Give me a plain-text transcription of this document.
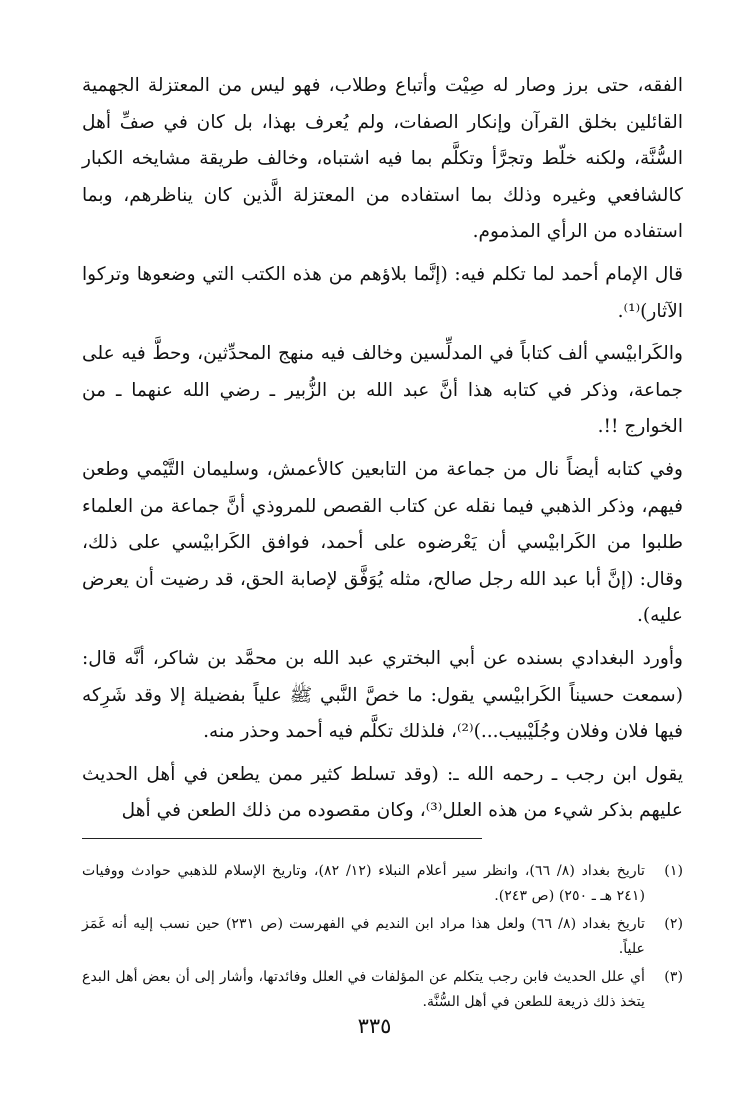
الفقه، حتى برز وصار له صِيْت وأتباع وطلاب، فهو ليس من المعتزلة الجهمية القائلين بخلق القرآن وإنكار الصفات، ولم يُعرف بهذا، بل كان في صفِّ أهل السُّنَّة، ولكنه خلّط وتجرَّأ وتكلَّم بما فيه اشتباه، وخالف طريقة مشايخه الكبار كالشافعي وغيره وذلك بما استفاده من المعتزلة الَّذين كان يناظرهم، وبما استفاده من الرأي المذموم.

قال الإمام أحمد لما تكلم فيه: (إنَّما بلاؤهم من هذه الكتب التي وضعوها وتركوا الآثار)⁽¹⁾.

والكَرابيْسي ألف كتاباً في المدلِّسين وخالف فيه منهج المحدِّثين، وحطَّ فيه على جماعة، وذكر في كتابه هذا أنَّ عبد الله بن الزُّبير ـ رضي الله عنهما ـ من الخوارج !!.

وفي كتابه أيضاً نال من جماعة من التابعين كالأعمش، وسليمان التَّيْمي وطعن فيهم، وذكر الذهبي فيما نقله عن كتاب القصص للمروذي أنَّ جماعة من العلماء طلبوا من الكَرابيْسي أن يَعْرضوه على أحمد، فوافق الكَرابيْسي على ذلك، وقال: (إنَّ أبا عبد الله رجل صالح، مثله يُوَفَّق لإصابة الحق، قد رضيت أن يعرض عليه).

وأورد البغدادي بسنده عن أبي البختري عبد الله بن محمَّد بن شاكر، أنَّه قال: (سمعت حسيناً الكَرابيْسي يقول: ما خصَّ النَّبي ﷺ علياً بفضيلة إلا وقد شَرِكه فيها فلان وفلان وجُلَيْبيب...)⁽²⁾، فلذلك تكلَّم فيه أحمد وحذر منه.

يقول ابن رجب ـ رحمه الله ـ: (وقد تسلط كثير ممن يطعن في أهل الحديث عليهم بذكر شيء من هذه العلل⁽³⁾، وكان مقصوده من ذلك الطعن في أهل

(١)
تاريخ بغداد (٨/ ٦٦)، وانظر سير أعلام النبلاء (١٢/ ٨٢)، وتاريخ الإسلام للذهبي حوادث ووفيات (٢٤١ هـ ـ ٢٥٠) (ص ٢٤٣).
(٢)
تاريخ بغداد (٨/ ٦٦) ولعل هذا مراد ابن النديم في الفهرست (ص ٢٣١) حين نسب إليه أنه غَمَز علياً.
(٣)
أي علل الحديث فابن رجب يتكلم عن المؤلفات في العلل وفائدتها، وأشار إلى أن بعض أهل البدع يتخذ ذلك ذريعة للطعن في أهل السُّنَّة.
٣٣٥
